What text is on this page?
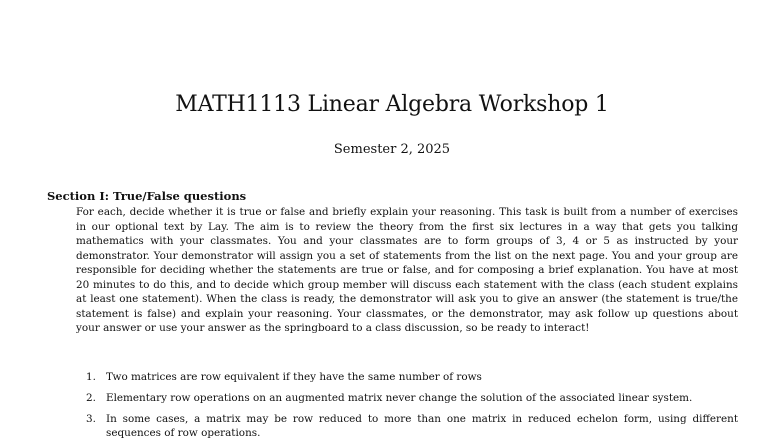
MATH1113 Linear Algebra Workshop 1
Semester 2, 2025
Section I: True/False questions

For each, decide whether it is true or false and briefly explain your reasoning. This task is built from a number of exercises in our optional text by Lay. The aim is to review the theory from the first six lectures in a way that gets you talking mathematics with your classmates. You and your classmates are to form groups of 3, 4 or 5 as instructed by your demonstrator. Your demonstrator will assign you a set of statements from the list on the next page. You and your group are responsible for deciding whether the statements are true or false, and for composing a brief explanation. You have at most 20 minutes to do this, and to decide which group member will discuss each statement with the class (each student explains at least one statement). When the class is ready, the demonstrator will ask you to give an answer (the statement is true/the statement is false) and explain your reasoning. Your classmates, or the demonstrator, may ask follow up questions about your answer or use your answer as the springboard to a class discussion, so be ready to interact!

1. Two matrices are row equivalent if they have the same number of rows
2. Elementary row operations on an augmented matrix never change the solution of the associated linear system.
3. In some cases, a matrix may be row reduced to more than one matrix in reduced echelon form, using different sequences of row operations.
